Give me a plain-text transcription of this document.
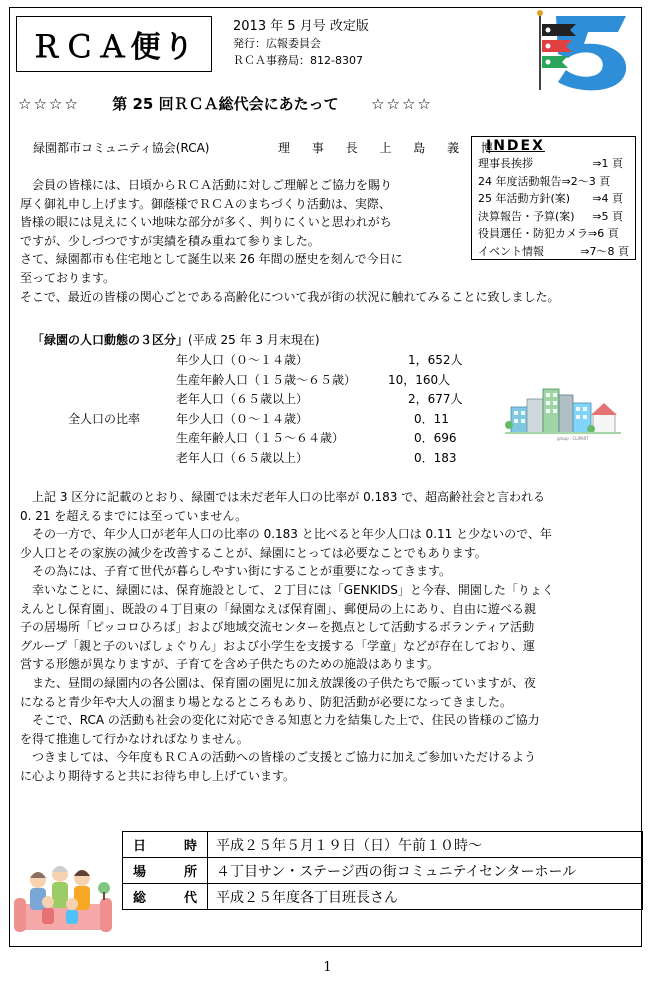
ＲＣＡ便り
2013 年 5 月号 改定版
発行：広報委員会
ＲＣＡ事務局：812-8307
☆☆☆☆ 第 25 回ＲＣＡ総代会にあたって ☆☆☆☆
緑園都市コミュニティ協会(RCA)	理 事 長 上 島 義 博
INDEX
理事長挨拶	⇒1 頁
24 年度活動報告⇒2〜3 頁
25 年活動方針(案) ⇒4 頁
決算報告・予算(案) ⇒5 頁
役員選任・防犯カメラ⇒6 頁
イベント情報	⇒7〜8 頁
　会員の皆様には、日頃からＲＣＡ活動に対しご理解とご協力を賜り
厚く御礼申し上げます。御蔭様でＲＣＡのまちづくり活動は、実際、
皆様の眼には見えにくい地味な部分が多く、判りにくいと思われがち
ですが、少しづつですが実績を積み重ねて参りました。
さて、緑園都市も住宅地として誕生以来 26 年間の歴史を刻んで今日に
至っております。
そこで、最近の皆様の関心ごとである高齢化について我が街の状況に触れてみることに致しました。
「緑園の人口動態の３区分」(平成 25 年 3 月末現在)
年少人口（０〜１４歳）	1，652人
生産年齢人口（１５歳〜６５歳）	10，160人
老年人口（６５歳以上）	2，677人
全人口の比率	年少人口（０〜１４歳）	0．11
生産年齢人口（１５〜６４歳）	0．696
老年人口（６５歳以上）	0．183
group · CLIPART
　上記 3 区分に記載のとおり、緑園では未だ老年人口の比率が 0.183 で、超高齢社会と言われる
0. 21 を超えるまでには至っていません。
　その一方で、年少人口が老年人口の比率の 0.183 と比べると年少人口は 0.11 と少ないので、年
少人口とその家族の減少を改善することが、緑園にとっては必要なことでもあります。
　その為には、子育て世代が暮らしやすい街にすることが重要になってきます。
　幸いなことに、緑園には、保育施設として、２丁目には「GENKIDS」と今春、開園した「りょく
えんとし保育園」、既設の４丁目東の「緑園なえば保育園」、郵便局の上にあり、自由に遊べる親
子の居場所「ピッコロひろば」および地域交流センターを拠点として活動するボランティア活動
グループ「親と子のいばしょぐりん」および小学生を支援する「学童」などが存在しており、運
営する形態が異なりますが、子育てを含め子供たちのための施設はあります。
　また、昼間の緑園内の各公園は、保育園の園児に加え放課後の子供たちで賑っていますが、夜
になると青少年や大人の溜まり場となるところもあり、防犯活動が必要になってきました。
　そこで、RCA の活動も社会の変化に対応できる知恵と力を結集した上で、住民の皆様のご協力
を得て推進して行かなければなりません。
　つきましては、今年度もＲＣＡの活動への皆様のご支援とご協力に加えご参加いただけるよう
に心より期待すると共にお待ち申し上げています。
日 時	平成２５年５月１９日（日）午前１０時〜

場 所	４丁目サン・ステージ西の街コミュニテイセンターホール

総 代	平成２５年度各丁目班長さん
1
